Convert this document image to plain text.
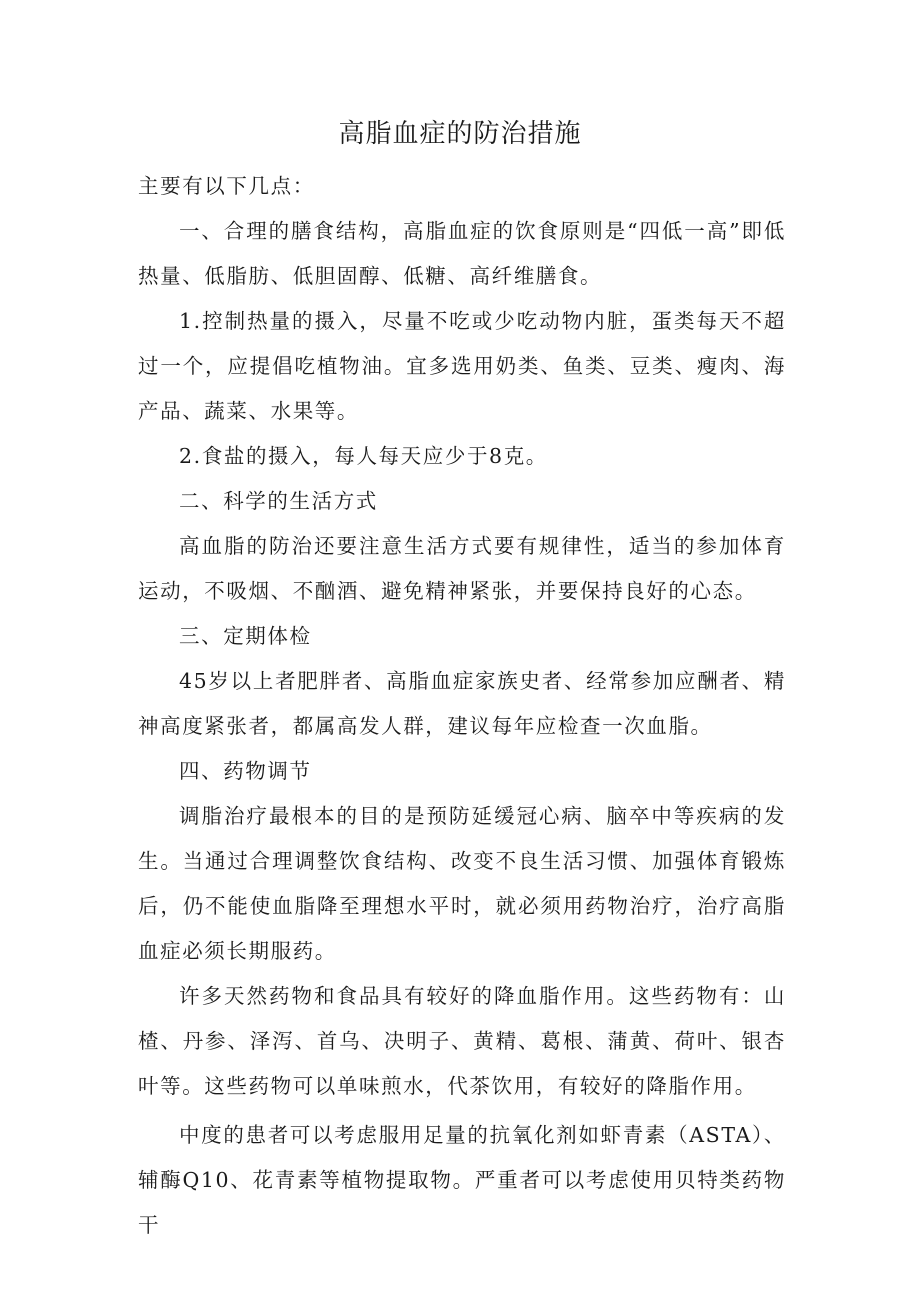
高脂血症的防治措施

主要有以下几点：

一、合理的膳食结构，高脂血症的饮食原则是“四低一高”即低热量、低脂肪、低胆固醇、低糖、高纤维膳食。

1.控制热量的摄入，尽量不吃或少吃动物内脏，蛋类每天不超过一个，应提倡吃植物油。宜多选用奶类、鱼类、豆类、瘦肉、海产品、蔬菜、水果等。

2.食盐的摄入，每人每天应少于8克。

二、科学的生活方式

高血脂的防治还要注意生活方式要有规律性，适当的参加体育运动，不吸烟、不酗酒、避免精神紧张，并要保持良好的心态。

三、定期体检

45岁以上者肥胖者、高脂血症家族史者、经常参加应酬者、精神高度紧张者，都属高发人群，建议每年应检查一次血脂。

四、药物调节

调脂治疗最根本的目的是预防延缓冠心病、脑卒中等疾病的发生。当通过合理调整饮食结构、改变不良生活习惯、加强体育锻炼后，仍不能使血脂降至理想水平时，就必须用药物治疗，治疗高脂血症必须长期服药。

许多天然药物和食品具有较好的降血脂作用。这些药物有：山楂、丹参、泽泻、首乌、决明子、黄精、葛根、蒲黄、荷叶、银杏叶等。这些药物可以单味煎水，代茶饮用，有较好的降脂作用。

中度的患者可以考虑服用足量的抗氧化剂如虾青素（ASTA）、辅酶Q10、花青素等植物提取物。严重者可以考虑使用贝特类药物干
